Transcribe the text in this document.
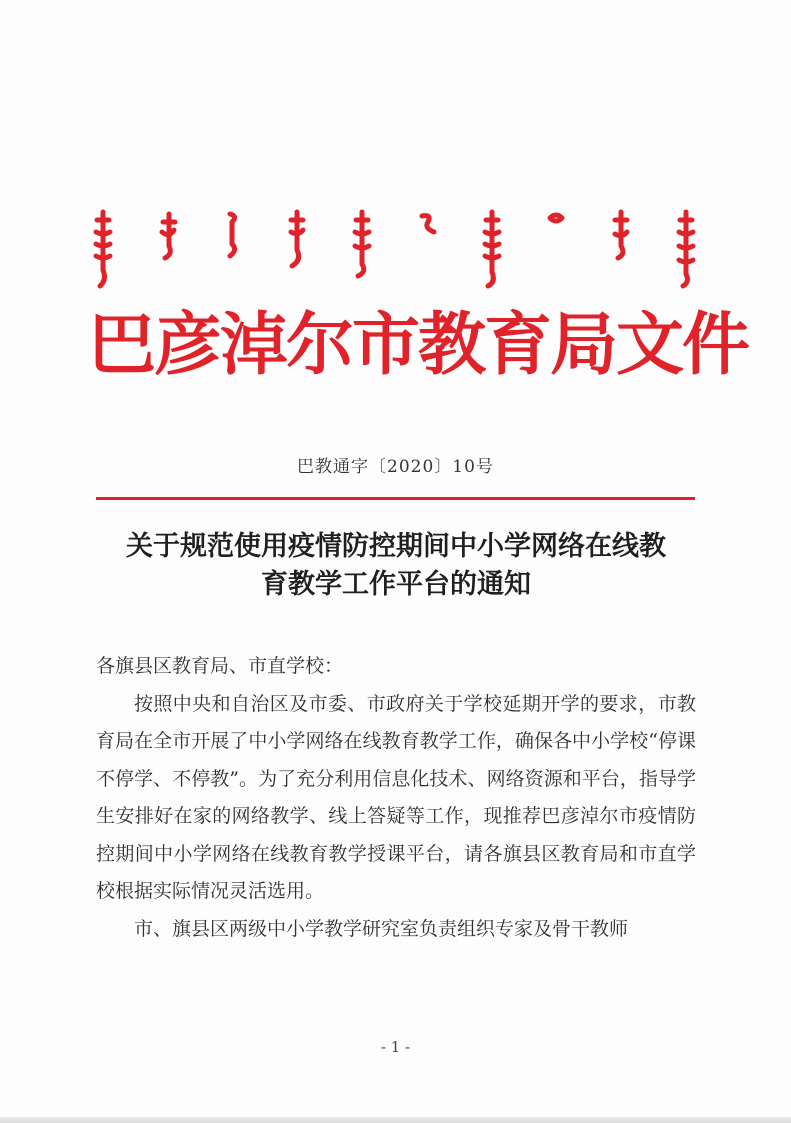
巴彦淖尔市教育局文件
巴教通字〔2020〕10号
关于规范使用疫情防控期间中小学网络在线教
育教学工作平台的通知

各旗县区教育局、市直学校：

按照中央和自治区及市委、市政府关于学校延期开学的要求，市教育局在全市开展了中小学网络在线教育教学工作，确保各中小学校“停课不停学、不停教”。为了充分利用信息化技术、网络资源和平台，指导学生安排好在家的网络教学、线上答疑等工作，现推荐巴彦淖尔市疫情防控期间中小学网络在线教育教学授课平台，请各旗县区教育局和市直学校根据实际情况灵活选用。

市、旗县区两级中小学教学研究室负责组织专家及骨干教师

- 1 -
